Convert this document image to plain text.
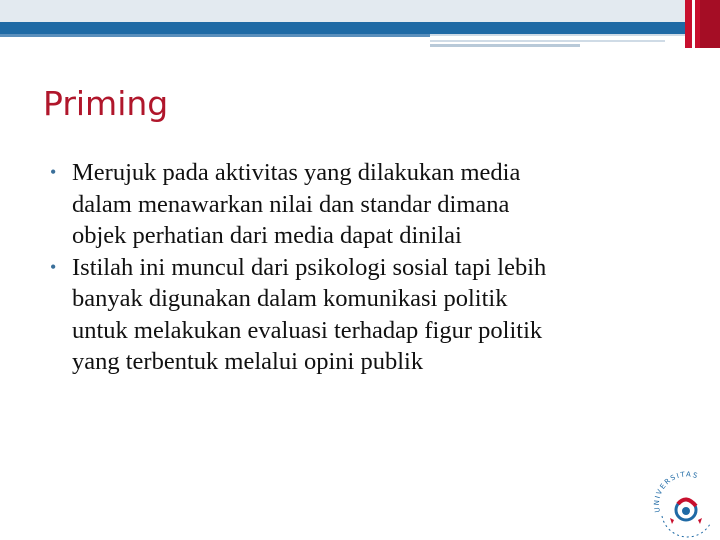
Priming
• Merujuk pada aktivitas yang dilakukan media
dalam menawarkan nilai dan standar dimana
objek perhatian dari media dapat dinilai
• Istilah ini muncul dari psikologi sosial tapi lebih
banyak digunakan dalam komunikasi politik
untuk melakukan evaluasi terhadap figur politik
yang terbentuk melalui opini publik
UNIVERSITAS
